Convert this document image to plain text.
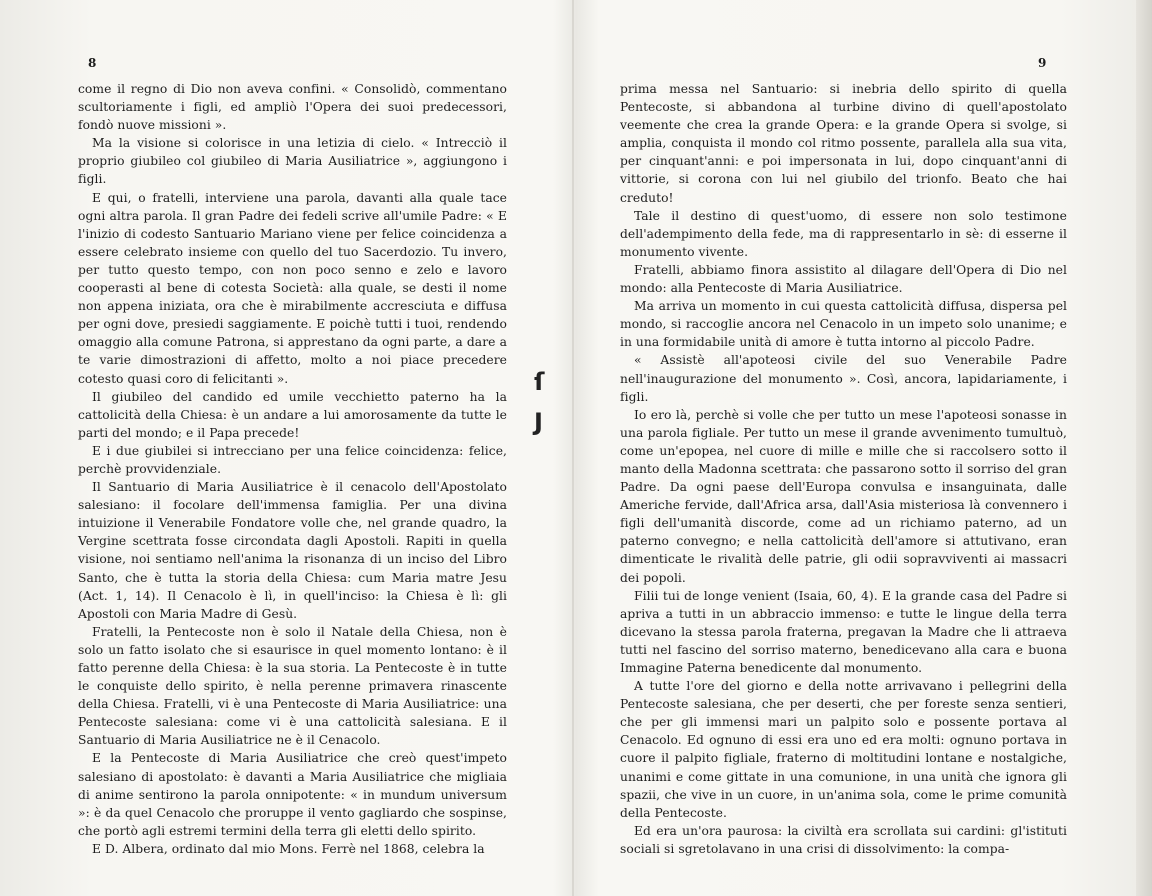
8

come il regno di Dio non aveva confini. « Consolidò, commentano scultoriamente i figli, ed ampliò l'Opera dei suoi predecessori, fondò nuove missioni ».

Ma la visione si colorisce in una letizia di cielo. « Intrecciò il proprio giubileo col giubileo di Maria Ausiliatrice », aggiungono i figli.

E qui, o fratelli, interviene una parola, davanti alla quale tace ogni altra parola. Il gran Padre dei fedeli scrive all'umile Padre: « E l'inizio di codesto Santuario Mariano viene per felice coincidenza a essere celebrato insieme con quello del tuo Sacerdozio. Tu invero, per tutto questo tempo, con non poco senno e zelo e lavoro cooperasti al bene di cotesta Società: alla quale, se desti il nome non appena iniziata, ora che è mirabilmente accresciuta e diffusa per ogni dove, presiedi saggiamente. E poichè tutti i tuoi, rendendo omaggio alla comune Patrona, si apprestano da ogni parte, a dare a te varie dimostrazioni di affetto, molto a noi piace precedere cotesto quasi coro di felicitanti ».

Il giubileo del candido ed umile vecchietto paterno ha la cattolicità della Chiesa: è un andare a lui amorosamente da tutte le parti del mondo; e il Papa precede!

E i due giubilei si intrecciano per una felice coincidenza: felice, perchè provvidenziale.

Il Santuario di Maria Ausiliatrice è il cenacolo dell'Apostolato salesiano: il focolare dell'immensa famiglia. Per una divina intuizione il Venerabile Fondatore volle che, nel grande quadro, la Vergine scettrata fosse circondata dagli Apostoli. Rapiti in quella visione, noi sentiamo nell'anima la risonanza di un inciso del Libro Santo, che è tutta la storia della Chiesa: cum Maria matre Jesu (Act. 1, 14). Il Cenacolo è lì, in quell'inciso: la Chiesa è lì: gli Apostoli con Maria Madre di Gesù.

Fratelli, la Pentecoste non è solo il Natale della Chiesa, non è solo un fatto isolato che si esaurisce in quel momento lontano: è il fatto perenne della Chiesa: è la sua storia. La Pentecoste è in tutte le conquiste dello spirito, è nella perenne primavera rinascente della Chiesa. Fratelli, vi è una Pentecoste di Maria Ausiliatrice: una Pentecoste salesiana: come vi è una cattolicità salesiana. E il Santuario di Maria Ausiliatrice ne è il Cenacolo.

E la Pentecoste di Maria Ausiliatrice che creò quest'impeto salesiano di apostolato: è davanti a Maria Ausiliatrice che migliaia di anime sentirono la parola onnipotente: « in mundum universum »: è da quel Cenacolo che proruppe il vento gagliardo che sospinse, che portò agli estremi termini della terra gli eletti dello spirito.

E D. Albera, ordinato dal mio Mons. Ferrè nel 1868, celebra la

ſ
J
9

prima messa nel Santuario: si inebria dello spirito di quella Pentecoste, si abbandona al turbine divino di quell'apostolato veemente che crea la grande Opera: e la grande Opera si svolge, si amplia, conquista il mondo col ritmo possente, parallela alla sua vita, per cinquant'anni: e poi impersonata in lui, dopo cinquant'anni di vittorie, si corona con lui nel giubilo del trionfo. Beato che hai creduto!

Tale il destino di quest'uomo, di essere non solo testimone dell'adempimento della fede, ma di rappresentarlo in sè: di esserne il monumento vivente.

Fratelli, abbiamo finora assistito al dilagare dell'Opera di Dio nel mondo: alla Pentecoste di Maria Ausiliatrice.

Ma arriva un momento in cui questa cattolicità diffusa, dispersa pel mondo, si raccoglie ancora nel Cenacolo in un impeto solo unanime; e in una formidabile unità di amore è tutta intorno al piccolo Padre.

« Assistè all'apoteosi civile del suo Venerabile Padre nell'inaugurazione del monumento ». Così, ancora, lapidariamente, i figli.

Io ero là, perchè si volle che per tutto un mese l'apoteosi sonasse in una parola figliale. Per tutto un mese il grande avvenimento tumultuò, come un'epopea, nel cuore di mille e mille che si raccolsero sotto il manto della Madonna scettrata: che passarono sotto il sorriso del gran Padre. Da ogni paese dell'Europa convulsa e insanguinata, dalle Americhe fervide, dall'Africa arsa, dall'Asia misteriosa là convennero i figli dell'umanità discorde, come ad un richiamo paterno, ad un paterno convegno; e nella cattolicità dell'amore si attutivano, eran dimenticate le rivalità delle patrie, gli odii sopravviventi ai massacri dei popoli.

Filii tui de longe venient (Isaia, 60, 4). E la grande casa del Padre si apriva a tutti in un abbraccio immenso: e tutte le lingue della terra dicevano la stessa parola fraterna, pregavan la Madre che li attraeva tutti nel fascino del sorriso materno, benedicevano alla cara e buona Immagine Paterna benedicente dal monumento.

A tutte l'ore del giorno e della notte arrivavano i pellegrini della Pentecoste salesiana, che per deserti, che per foreste senza sentieri, che per gli immensi mari un palpito solo e possente portava al Cenacolo. Ed ognuno di essi era uno ed era molti: ognuno portava in cuore il palpito figliale, fraterno di moltitudini lontane e nostalgiche, unanimi e come gittate in una comunione, in una unità che ignora gli spazii, che vive in un cuore, in un'anima sola, come le prime comunità della Pentecoste.

Ed era un'ora paurosa: la civiltà era scrollata sui cardini: gl'istituti sociali si sgretolavano in una crisi di dissolvimento: la compa-
